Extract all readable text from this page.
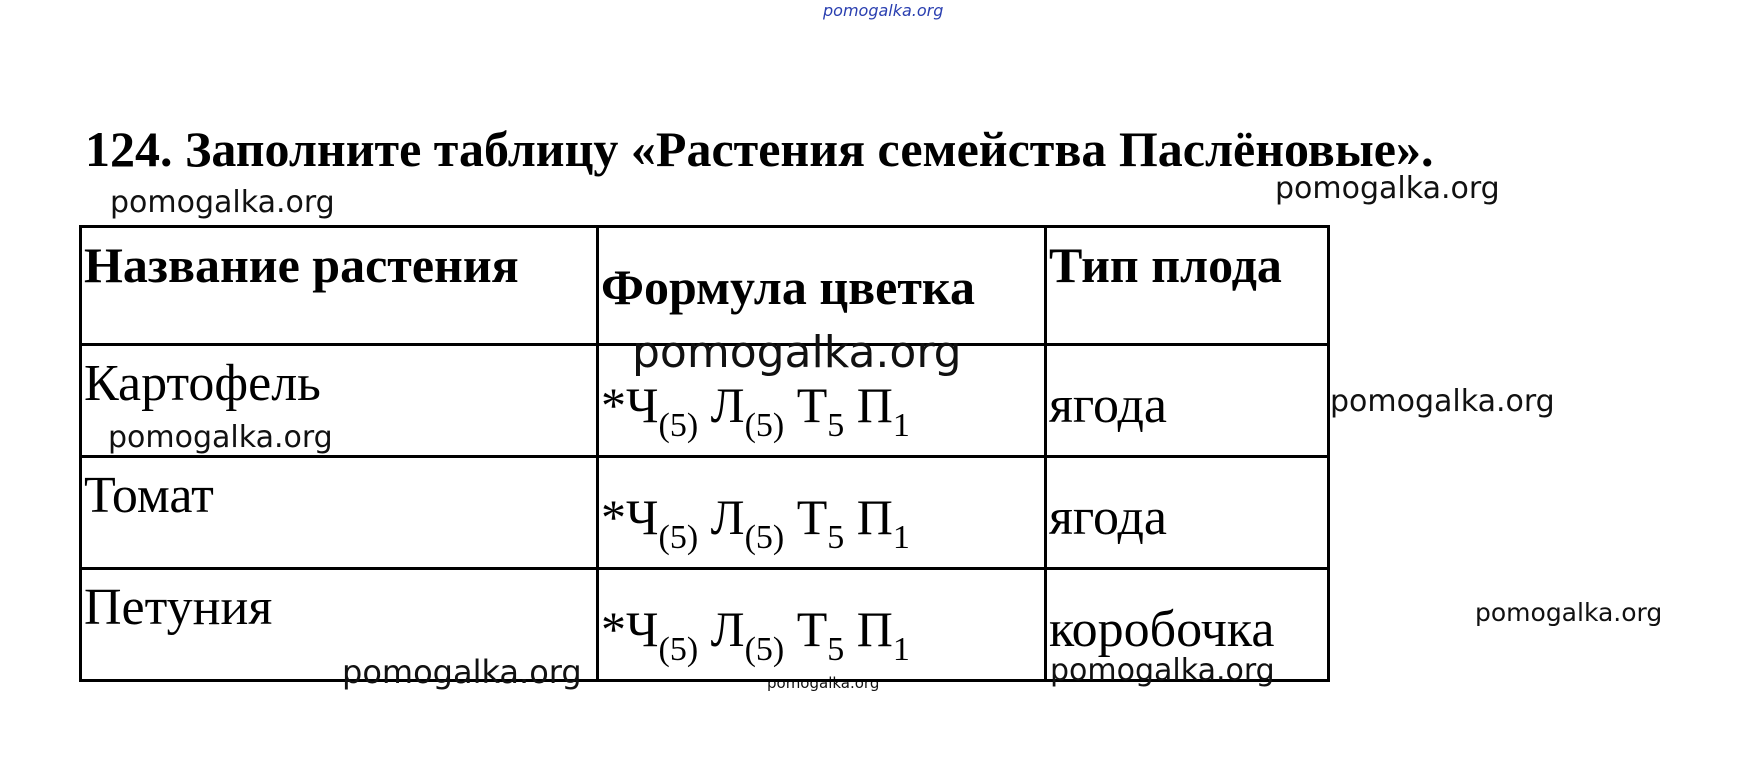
pomogalka.org
pomogalka.org	pomogalka.org
pomogalka.org
pomogalka.org
pomogalka.org
pomogalka.org
124. Заполните таблицу «Растения семейства Паслёновые».
Название растения	Формула цветка	Тип плода

Картофель	$*Ч_{(5)}$ $Л_{(5)}$ $Т_5$ $П_1$	ягода

Томат	$*Ч_{(5)}$ $Л_{(5)}$ $Т_5$ $П_1$	ягода

Петуния	$*Ч_{(5)}$ $Л_{(5)}$ $Т_5$ $П_1$	коробочка
pomogalka.org
pomogalka.org	pomogalka.org
